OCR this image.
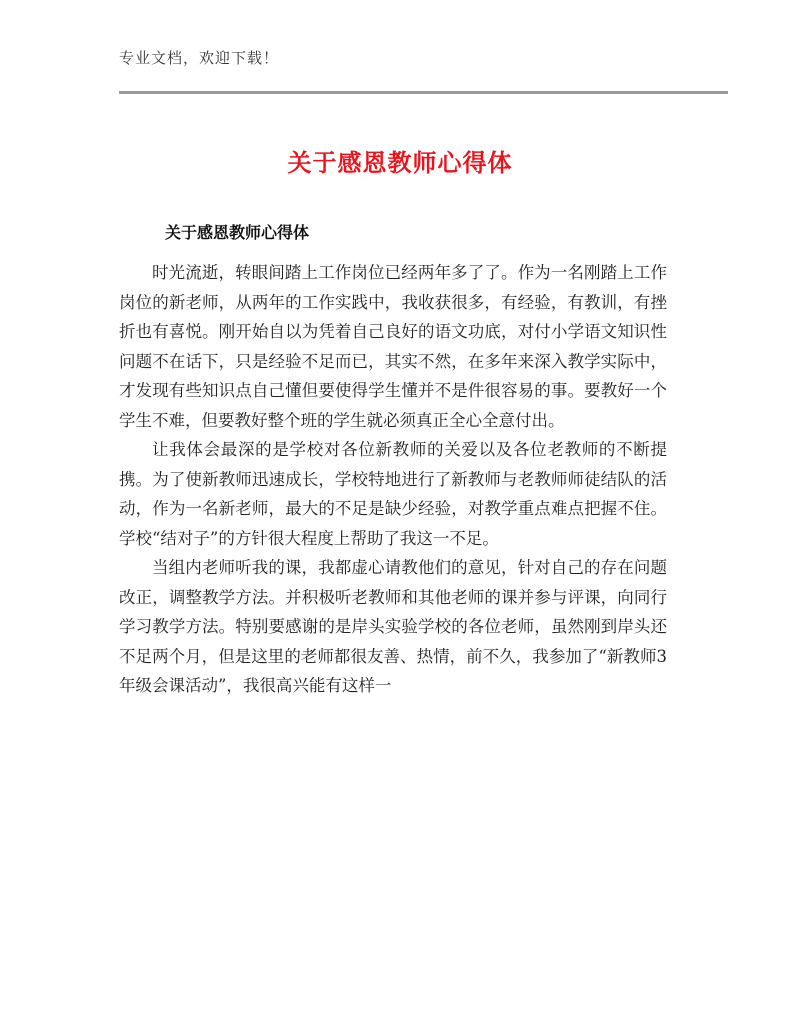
专业文档，欢迎下载！
关于感恩教师心得体
关于感恩教师心得体

时光流逝，转眼间踏上工作岗位已经两年多了了。作为一名刚踏上工作岗位的新老师，从两年的工作实践中，我收获很多，有经验，有教训，有挫折也有喜悦。刚开始自以为凭着自己良好的语文功底，对付小学语文知识性问题不在话下，只是经验不足而已，其实不然，在多年来深入教学实际中，才发现有些知识点自己懂但要使得学生懂并不是件很容易的事。要教好一个学生不难，但要教好整个班的学生就必须真正全心全意付出。

让我体会最深的是学校对各位新教师的关爱以及各位老教师的不断提携。为了使新教师迅速成长，学校特地进行了新教师与老教师师徒结队的活动，作为一名新老师，最大的不足是缺少经验，对教学重点难点把握不住。学校“结对子”的方针很大程度上帮助了我这一不足。

当组内老师听我的课，我都虚心请教他们的意见，针对自己的存在问题改正，调整教学方法。并积极听老教师和其他老师的课并参与评课，向同行学习教学方法。特别要感谢的是岸头实验学校的各位老师，虽然刚到岸头还不足两个月，但是这里的老师都很友善、热情，前不久，我参加了“新教师3年级会课活动”，我很高兴能有这样一
